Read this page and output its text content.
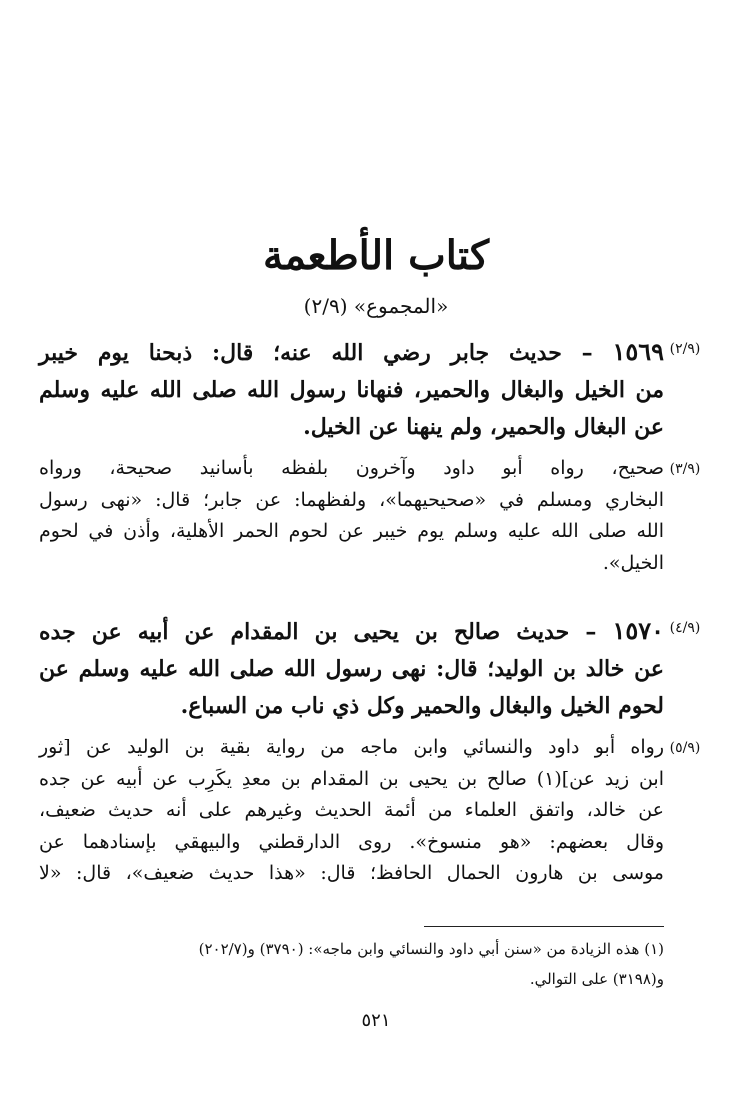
كتاب الأطعمة
«المجموع» (٢/٩)
(٢/٩)
١٥٦٩ – حديث جابر رضي الله عنه؛ قال: ذبحنا يوم خيبر
من الخيل والبغال والحمير، فنهانا رسول الله صلى الله عليه وسلم
عن البغال والحمير، ولم ينهنا عن الخيل.
(٣/٩)
صحيح، رواه أبو داود وآخرون بلفظه بأسانيد صحيحة، ورواه
البخاري ومسلم في «صحيحيهما»، ولفظهما: عن جابر؛ قال: «نهى رسول
الله صلى الله عليه وسلم يوم خيبر عن لحوم الحمر الأهلية، وأذن في لحوم
الخيل».
(٤/٩)
١٥٧٠ – حديث صالح بن يحيى بن المقدام عن أبيه عن جده
عن خالد بن الوليد؛ قال: نهى رسول الله صلى الله عليه وسلم عن
لحوم الخيل والبغال والحمير وكل ذي ناب من السباع.
(٥/٩)
رواه أبو داود والنسائي وابن ماجه من رواية بقية بن الوليد عن [ثور
ابن زيد عن](١) صالح بن يحيى بن المقدام بن معدِ يكَرِب عن أبيه عن جده
عن خالد، واتفق العلماء من أئمة الحديث وغيرهم على أنه حديث ضعيف،
وقال بعضهم: «هو منسوخ». روى الدارقطني والبيهقي بإسنادهما عن
موسى بن هارون الحمال الحافظ؛ قال: «هذا حديث ضعيف»، قال: «لا
(١) هذه الزيادة من «سنن أبي داود والنسائي وابن ماجه»: (٣٧٩٠) و(٢٠٢/٧)
و(٣١٩٨) على التوالي.
٥٢١
